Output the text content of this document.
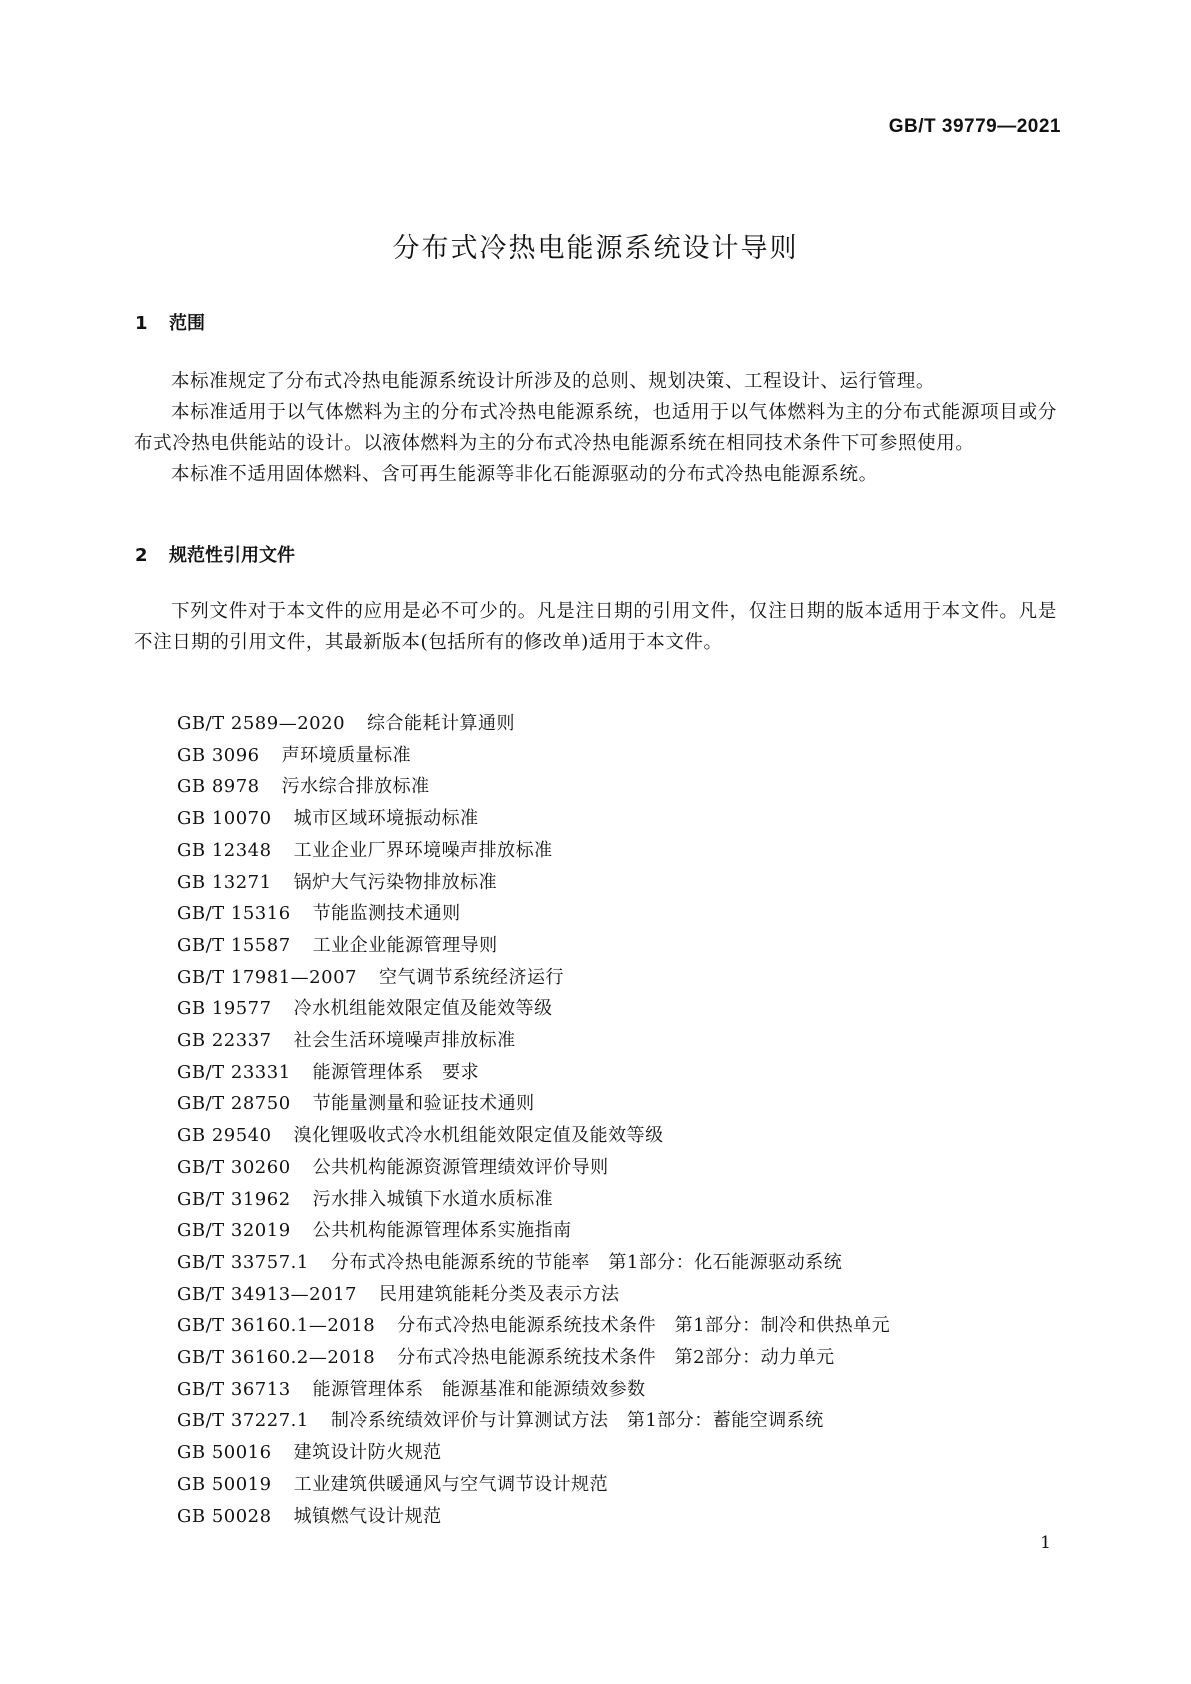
GB/T 39779—2021
分布式冷热电能源系统设计导则
1 范围

本标准规定了分布式冷热电能源系统设计所涉及的总则、规划决策、工程设计、运行管理。

本标准适用于以气体燃料为主的分布式冷热电能源系统，也适用于以气体燃料为主的分布式能源项目或分布式冷热电供能站的设计。以液体燃料为主的分布式冷热电能源系统在相同技术条件下可参照使用。

本标准不适用固体燃料、含可再生能源等非化石能源驱动的分布式冷热电能源系统。

2 规范性引用文件

下列文件对于本文件的应用是必不可少的。凡是注日期的引用文件，仅注日期的版本适用于本文件。凡是不注日期的引用文件，其最新版本(包括所有的修改单)适用于本文件。

GB/T 2589—2020 综合能耗计算通则
GB 3096 声环境质量标准
GB 8978 污水综合排放标准
GB 10070 城市区域环境振动标准
GB 12348 工业企业厂界环境噪声排放标准
GB 13271 锅炉大气污染物排放标准
GB/T 15316 节能监测技术通则
GB/T 15587 工业企业能源管理导则
GB/T 17981—2007 空气调节系统经济运行
GB 19577 冷水机组能效限定值及能效等级
GB 22337 社会生活环境噪声排放标准
GB/T 23331 能源管理体系　要求
GB/T 28750 节能量测量和验证技术通则
GB 29540 溴化锂吸收式冷水机组能效限定值及能效等级
GB/T 30260 公共机构能源资源管理绩效评价导则
GB/T 31962 污水排入城镇下水道水质标准
GB/T 32019 公共机构能源管理体系实施指南
GB/T 33757.1 分布式冷热电能源系统的节能率　第1部分：化石能源驱动系统
GB/T 34913—2017 民用建筑能耗分类及表示方法
GB/T 36160.1—2018 分布式冷热电能源系统技术条件　第1部分：制冷和供热单元
GB/T 36160.2—2018 分布式冷热电能源系统技术条件　第2部分：动力单元
GB/T 36713 能源管理体系　能源基准和能源绩效参数
GB/T 37227.1 制冷系统绩效评价与计算测试方法　第1部分：蓄能空调系统
GB 50016 建筑设计防火规范
GB 50019 工业建筑供暖通风与空气调节设计规范
GB 50028 城镇燃气设计规范
1
